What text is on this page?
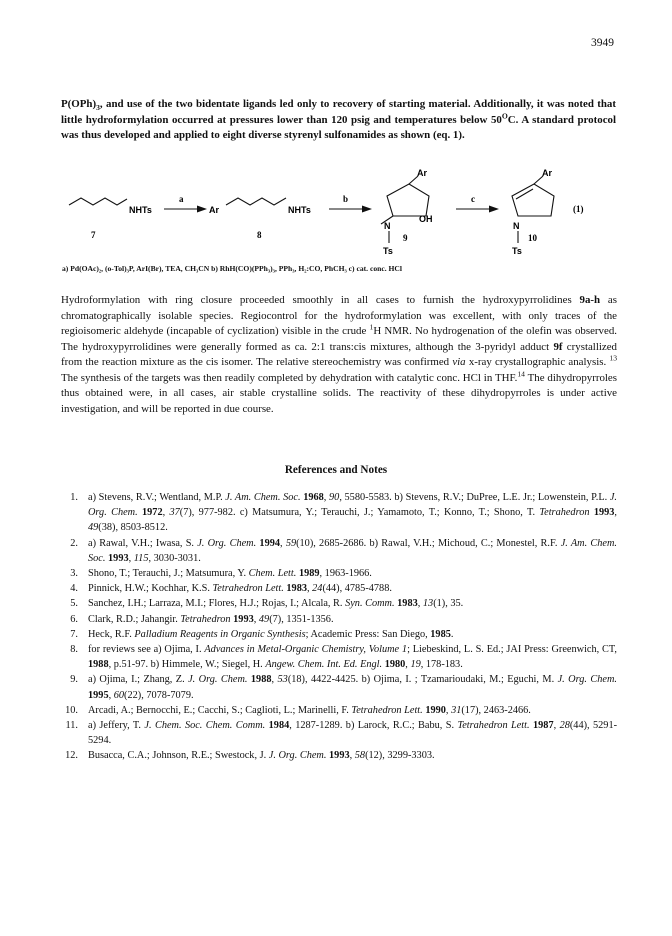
3949

$P(OPh)_3$, and use of the two bidentate ligands led only to recovery of starting material. Additionally, it was noted that little hydroformylation occurred at pressures lower than 120 psig and temperatures below $50^OC$. A standard protocol was thus developed and applied to eight diverse styrenyl sulfonamides as shown (eq. 1).

NHTs	Ar	NHTs
Ar	Ar
OH
N	N
Ts	Ts
a	b	c
7	8	9	10
(1)
a) Pd(OAc)₂, (o-Tol)₃P, ArI(Br), TEA, CH₃CN b) RhH(CO)(PPh₃)₃, PPh₃, H₂:CO, PhCH₃ c) cat. conc. HCl

Hydroformylation with ring closure proceeded smoothly in all cases to furnish the hydroxypyrrolidines 9a-h as chromatographically isolable species. Regiocontrol for the hydroformylation was excellent, with only traces of the regioisomeric aldehyde (incapable of cyclization) visible in the crude $^1$H NMR. No hydrogenation of the olefin was observed. The hydroxypyrrolidines were generally formed as ca. 2:1 trans:cis mixtures, although the 3-pyridyl adduct 9f crystallized from the reaction mixture as the cis isomer. The relative stereochemistry was confirmed via x-ray crystallographic analysis. $^{13}$ The synthesis of the targets was then readily completed by dehydration with catalytic conc. HCl in THF.$^{14}$ The dihydropyrroles thus obtained were, in all cases, air stable crystalline solids. The reactivity of these dihydropyrroles is under active investigation, and will be reported in due course.

References and Notes
1. a) Stevens, R.V.; Wentland, M.P. J. Am. Chem. Soc. 1968, 90, 5580-5583. b) Stevens, R.V.; DuPree, L.E. Jr.; Lowenstein, P.L. J. Org. Chem. 1972, 37(7), 977-982. c) Matsumura, Y.; Terauchi, J.; Yamamoto, T.; Konno, T.; Shono, T. Tetrahedron 1993, 49(38), 8503-8512.
2. a) Rawal, V.H.; Iwasa, S. J. Org. Chem. 1994, 59(10), 2685-2686. b) Rawal, V.H.; Michoud, C.; Monestel, R.F. J. Am. Chem. Soc. 1993, 115, 3030-3031.
3. Shono, T.; Terauchi, J.; Matsumura, Y. Chem. Lett. 1989, 1963-1966.
4. Pinnick, H.W.; Kochhar, K.S. Tetrahedron Lett. 1983, 24(44), 4785-4788.
5. Sanchez, I.H.; Larraza, M.I.; Flores, H.J.; Rojas, I.; Alcala, R. Syn. Comm. 1983, 13(1), 35.
6. Clark, R.D.; Jahangir. Tetrahedron 1993, 49(7), 1351-1356.
7. Heck, R.F. Palladium Reagents in Organic Synthesis; Academic Press: San Diego, 1985.
8. for reviews see a) Ojima, I. Advances in Metal-Organic Chemistry, Volume 1; Liebeskind, L. S. Ed.; JAI Press: Greenwich, CT, 1988, p.51-97. b) Himmele, W.; Siegel, H. Angew. Chem. Int. Ed. Engl. 1980, 19, 178-183.
9. a) Ojima, I.; Zhang, Z. J. Org. Chem. 1988, 53(18), 4422-4425. b) Ojima, I. ; Tzamarioudaki, M.; Eguchi, M. J. Org. Chem. 1995, 60(22), 7078-7079.
10. Arcadi, A.; Bernocchi, E.; Cacchi, S.; Caglioti, L.; Marinelli, F. Tetrahedron Lett. 1990, 31(17), 2463-2466.
11. a) Jeffery, T. J. Chem. Soc. Chem. Comm. 1984, 1287-1289. b) Larock, R.C.; Babu, S. Tetrahedron Lett. 1987, 28(44), 5291-5294.
12. Busacca, C.A.; Johnson, R.E.; Swestock, J. J. Org. Chem. 1993, 58(12), 3299-3303.
